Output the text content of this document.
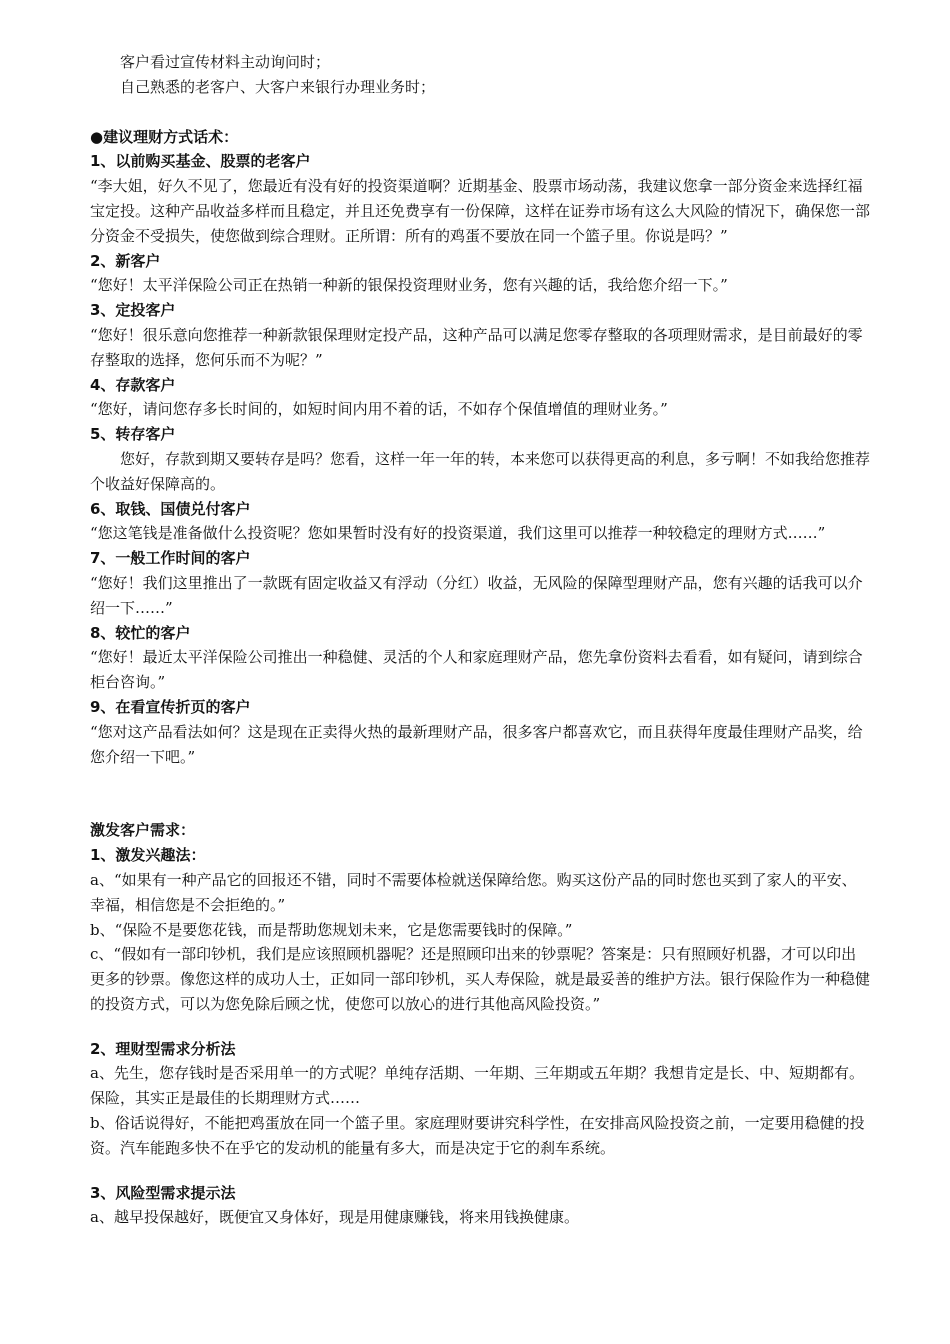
客户看过宣传材料主动询问时；

自己熟悉的老客户、大客户来银行办理业务时；

●建议理财方式话术：

1、以前购买基金、股票的老客户

“李大姐，好久不见了，您最近有没有好的投资渠道啊？近期基金、股票市场动荡，我建议您拿一部分资金来选择红福宝定投。这种产品收益多样而且稳定，并且还免费享有一份保障，这样在证券市场有这么大风险的情况下，确保您一部分资金不受损失，使您做到综合理财。正所谓：所有的鸡蛋不要放在同一个篮子里。你说是吗？”

2、新客户

“您好！太平洋保险公司正在热销一种新的银保投资理财业务，您有兴趣的话，我给您介绍一下。”

3、定投客户

“您好！很乐意向您推荐一种新款银保理财定投产品，这种产品可以满足您零存整取的各项理财需求，是目前最好的零存整取的选择，您何乐而不为呢？”

4、存款客户

“您好，请问您存多长时间的，如短时间内用不着的话，不如存个保值增值的理财业务。”

5、转存客户

您好，存款到期又要转存是吗？您看，这样一年一年的转，本来您可以获得更高的利息，多亏啊！不如我给您推荐个收益好保障高的。

6、取钱、国债兑付客户

“您这笔钱是准备做什么投资呢？您如果暂时没有好的投资渠道，我们这里可以推荐一种较稳定的理财方式……”

7、一般工作时间的客户

“您好！我们这里推出了一款既有固定收益又有浮动（分红）收益，无风险的保障型理财产品，您有兴趣的话我可以介绍一下……”

8、较忙的客户

“您好！最近太平洋保险公司推出一种稳健、灵活的个人和家庭理财产品，您先拿份资料去看看，如有疑问，请到综合柜台咨询。”

9、在看宣传折页的客户

“您对这产品看法如何？这是现在正卖得火热的最新理财产品，很多客户都喜欢它，而且获得年度最佳理财产品奖，给您介绍一下吧。”

激发客户需求：

1、激发兴趣法：

a、“如果有一种产品它的回报还不错，同时不需要体检就送保障给您。购买这份产品的同时您也买到了家人的平安、幸福，相信您是不会拒绝的。”

b、“保险不是要您花钱，而是帮助您规划未来，它是您需要钱时的保障。”

c、“假如有一部印钞机，我们是应该照顾机器呢？还是照顾印出来的钞票呢？答案是：只有照顾好机器，才可以印出更多的钞票。像您这样的成功人士，正如同一部印钞机，买人寿保险，就是最妥善的维护方法。银行保险作为一种稳健的投资方式，可以为您免除后顾之忧，使您可以放心的进行其他高风险投资。”

2、理财型需求分析法

a、先生，您存钱时是否采用单一的方式呢？单纯存活期、一年期、三年期或五年期？我想肯定是长、中、短期都有。保险，其实正是最佳的长期理财方式……

b、俗话说得好，不能把鸡蛋放在同一个篮子里。家庭理财要讲究科学性，在安排高风险投资之前，一定要用稳健的投资。汽车能跑多快不在乎它的发动机的能量有多大，而是决定于它的刹车系统。

3、风险型需求提示法

a、越早投保越好，既便宜又身体好，现是用健康赚钱，将来用钱换健康。
